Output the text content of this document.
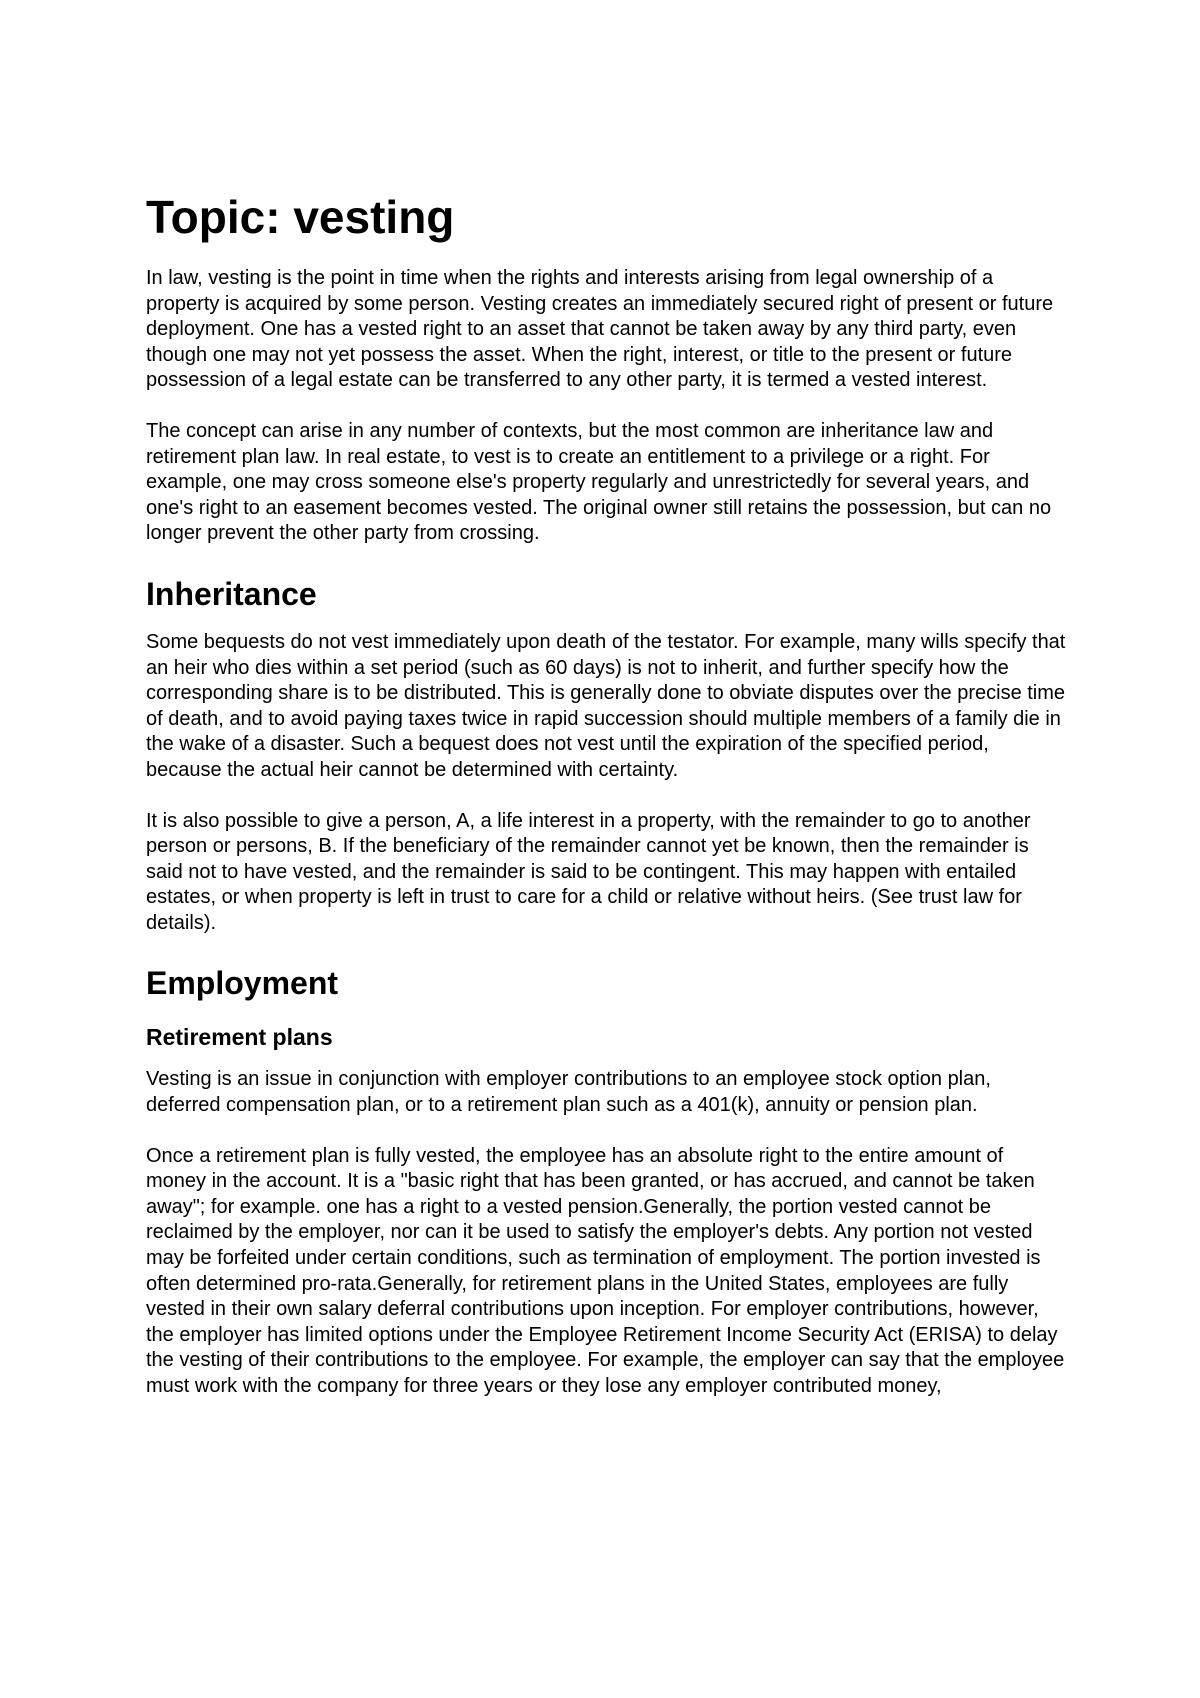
Topic: vesting

In law, vesting is the point in time when the rights and interests arising from legal ownership of a property is acquired by some person. Vesting creates an immediately secured right of present or future deployment. One has a vested right to an asset that cannot be taken away by any third party, even though one may not yet possess the asset. When the right, interest, or title to the present or future possession of a legal estate can be transferred to any other party, it is termed a vested interest.

The concept can arise in any number of contexts, but the most common are inheritance law and retirement plan law. In real estate, to vest is to create an entitlement to a privilege or a right. For example, one may cross someone else's property regularly and unrestrictedly for several years, and one's right to an easement becomes vested. The original owner still retains the possession, but can no longer prevent the other party from crossing.

Inheritance

Some bequests do not vest immediately upon death of the testator. For example, many wills specify that an heir who dies within a set period (such as 60 days) is not to inherit, and further specify how the corresponding share is to be distributed. This is generally done to obviate disputes over the precise time of death, and to avoid paying taxes twice in rapid succession should multiple members of a family die in the wake of a disaster. Such a bequest does not vest until the expiration of the specified period, because the actual heir cannot be determined with certainty.

It is also possible to give a person, A, a life interest in a property, with the remainder to go to another person or persons, B. If the beneficiary of the remainder cannot yet be known, then the remainder is said not to have vested, and the remainder is said to be contingent. This may happen with entailed estates, or when property is left in trust to care for a child or relative without heirs. (See trust law for details).

Employment
Retirement plans

Vesting is an issue in conjunction with employer contributions to an employee stock option plan, deferred compensation plan, or to a retirement plan such as a 401(k), annuity or pension plan.

Once a retirement plan is fully vested, the employee has an absolute right to the entire amount of money in the account. It is a "basic right that has been granted, or has accrued, and cannot be taken away"; for example. one has a right to a vested pension.Generally, the portion vested cannot be reclaimed by the employer, nor can it be used to satisfy the employer's debts. Any portion not vested may be forfeited under certain conditions, such as termination of employment. The portion invested is often determined pro-rata.Generally, for retirement plans in the United States, employees are fully vested in their own salary deferral contributions upon inception. For employer contributions, however, the employer has limited options under the Employee Retirement Income Security Act (ERISA) to delay the vesting of their contributions to the employee. For example, the employer can say that the employee must work with the company for three years or they lose any employer contributed money,
